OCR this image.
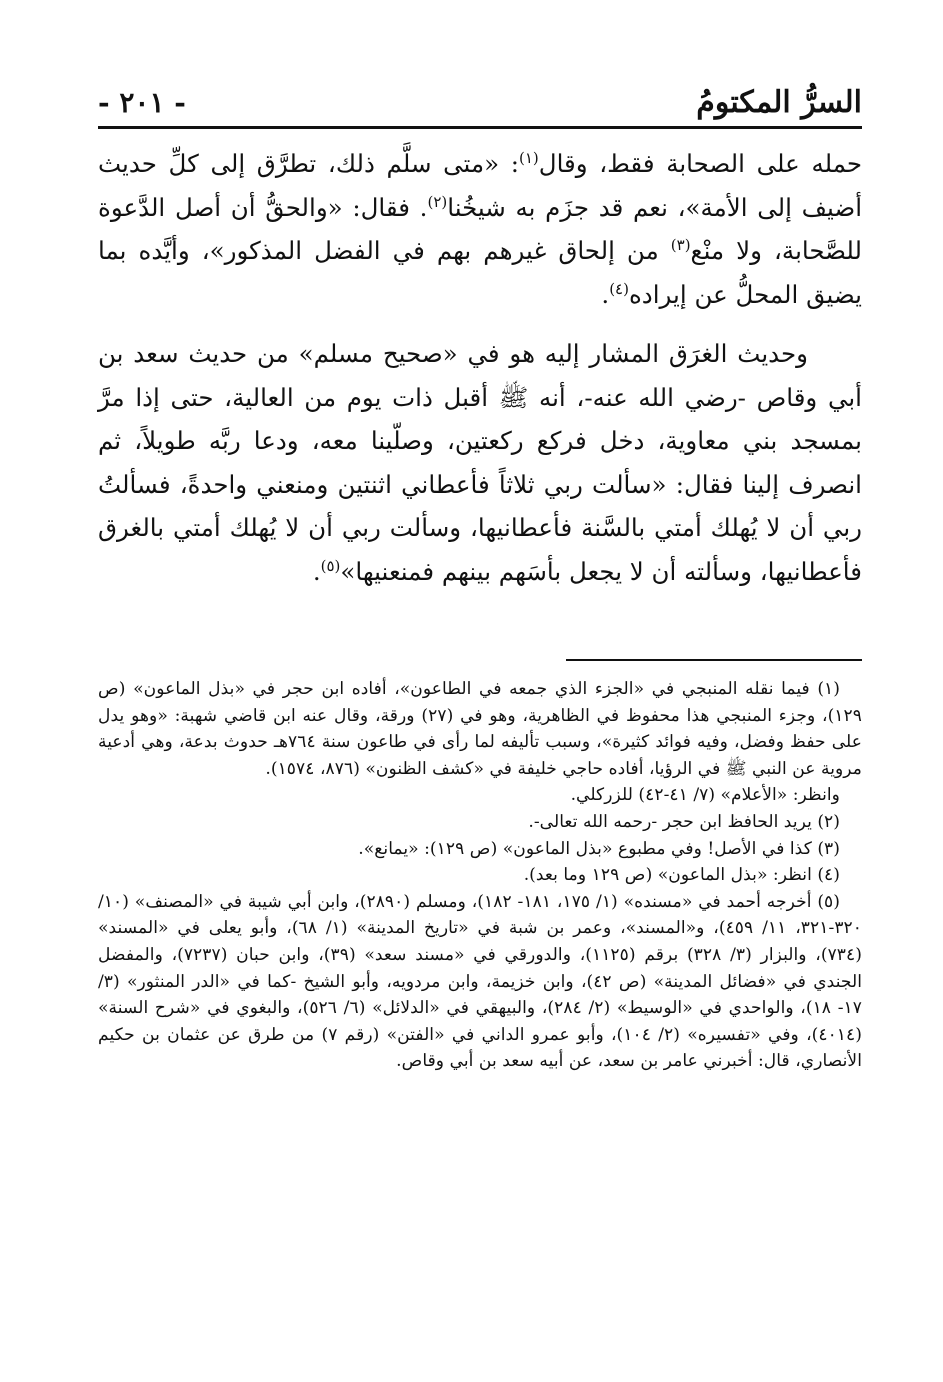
السرُّ المكتومُ
- ٢٠١ -

حمله على الصحابة فقط، وقال$^{(١)}$: «متى سلَّم ذلك، تطرَّق إلى كلِّ حديث أضيف إلى الأمة»، نعم قد جزَم به شيخُنا$^{(٢)}$. فقال: «والحقُّ أن أصل الدَّعوة للصَّحابة، ولا منْع$^{(٣)}$ من إلحاق غيرهم بهم في الفضل المذكور»، وأيَّده بما يضيق المحلُّ عن إيراده$^{(٤)}$.

وحديث الغرَق المشار إليه هو في «صحيح مسلم» من حديث سعد بن أبي وقاص -رضي الله عنه-، أنه ﷺ أقبل ذات يوم من العالية، حتى إذا مرَّ بمسجد بني معاوية، دخل فركع ركعتين، وصلّينا معه، ودعا ربَّه طويلاً، ثم انصرف إلينا فقال: «سألت ربي ثلاثاً فأعطاني اثنتين ومنعني واحدةً، فسألتُ ربي أن لا يُهلك أمتي بالسَّنة فأعطانيها، وسألت ربي أن لا يُهلك أمتي بالغرق فأعطانيها، وسألته أن لا يجعل بأسَهم بينهم فمنعنيها»$^{(٥)}$.

(١) فيما نقله المنبجي في «الجزء الذي جمعه في الطاعون»، أفاده ابن حجر في «بذل الماعون» (ص ١٢٩)، وجزء المنبجي هذا محفوظ في الظاهرية، وهو في (٢٧) ورقة، وقال عنه ابن قاضي شهبة: «وهو يدل على حفظ وفضل، وفيه فوائد كثيرة»، وسبب تأليفه لما رأى في طاعون سنة ٧٦٤هـ حدوث بدعة، وهي أدعية مروية عن النبي ﷺ في الرؤيا، أفاده حاجي خليفة في «كشف الظنون» (٨٧٦، ١٥٧٤).

وانظر: «الأعلام» (٧/ ٤١-٤٢) للزركلي.

(٢) يريد الحافظ ابن حجر -رحمه الله تعالى-.

(٣) كذا في الأصل! وفي مطبوع «بذل الماعون» (ص ١٢٩): «يمانع».

(٤) انظر: «بذل الماعون» (ص ١٢٩ وما بعد).

(٥) أخرجه أحمد في «مسنده» (١/ ١٧٥، ١٨١- ١٨٢)، ومسلم (٢٨٩٠)، وابن أبي شيبة في «المصنف» (١٠/ ٣٢٠-٣٢١، ١١/ ٤٥٩)، و«المسند»، وعمر بن شبة في «تاريخ المدينة» (١/ ٦٨)، وأبو يعلى في «المسند» (٧٣٤)، والبزار (٣/ ٣٢٨) برقم (١١٢٥)، والدورقي في «مسند سعد» (٣٩)، وابن حبان (٧٢٣٧)، والمفضل الجندي في «فضائل المدينة» (ص ٤٢)، وابن خزيمة، وابن مردويه، وأبو الشيخ -كما في «الدر المنثور» (٣/ ١٧- ١٨)، والواحدي في «الوسيط» (٢/ ٢٨٤)، والبيهقي في «الدلائل» (٦/ ٥٢٦)، والبغوي في «شرح السنة» (٤٠١٤)، وفي «تفسيره» (٢/ ١٠٤)، وأبو عمرو الداني في «الفتن» (رقم ٧) من طرق عن عثمان بن حكيم الأنصاري، قال: أخبرني عامر بن سعد، عن أبيه سعد بن أبي وقاص.
